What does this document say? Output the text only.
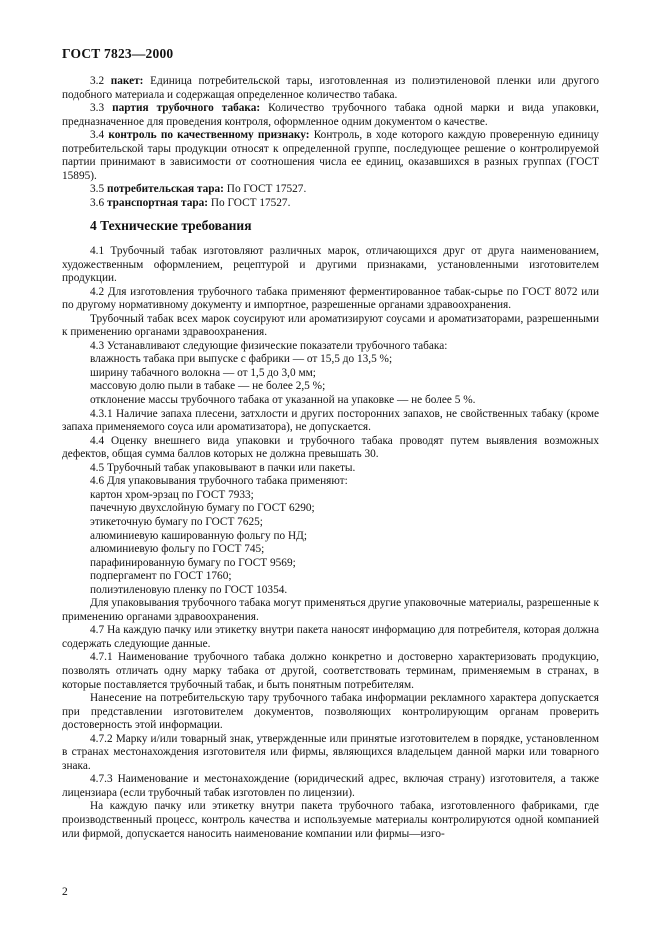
ГОСТ 7823—2000

3.2 пакет: Единица потребительской тары, изготовленная из полиэтиленовой пленки или другого подобного материала и содержащая определенное количество табака.

3.3 партия трубочного табака: Количество трубочного табака одной марки и вида упаковки, предназначенное для проведения контроля, оформленное одним документом о качестве.

3.4 контроль по качественному признаку: Контроль, в ходе которого каждую проверенную единицу потребительской тары продукции относят к определенной группе, последующее решение о контролируемой партии принимают в зависимости от соотношения числа ее единиц, оказавшихся в разных группах (ГОСТ 15895).

3.5 потребительская тара: По ГОСТ 17527.

3.6 транспортная тара: По ГОСТ 17527.

4 Технические требования

4.1 Трубочный табак изготовляют различных марок, отличающихся друг от друга наименованием, художественным оформлением, рецептурой и другими признаками, установленными изготовителем продукции.

4.2 Для изготовления трубочного табака применяют ферментированное табак-сырье по ГОСТ 8072 или по другому нормативному документу и импортное, разрешенные органами здравоохранения.

Трубочный табак всех марок соусируют или ароматизируют соусами и ароматизаторами, разрешенными к применению органами здравоохранения.

4.3 Устанавливают следующие физические показатели трубочного табака:

влажность табака при выпуске с фабрики — от 15,5 до 13,5 %;

ширину табачного волокна — от 1,5 до 3,0 мм;

массовую долю пыли в табаке — не более 2,5 %;

отклонение массы трубочного табака от указанной на упаковке — не более 5 %.

4.3.1 Наличие запаха плесени, затхлости и других посторонних запахов, не свойственных табаку (кроме запаха применяемого соуса или ароматизатора), не допускается.

4.4 Оценку внешнего вида упаковки и трубочного табака проводят путем выявления возможных дефектов, общая сумма баллов которых не должна превышать 30.

4.5 Трубочный табак упаковывают в пачки или пакеты.

4.6 Для упаковывания трубочного табака применяют:

картон хром-эрзац по ГОСТ 7933;

пачечную двухслойную бумагу по ГОСТ 6290;

этикеточную бумагу по ГОСТ 7625;

алюминиевую кашированную фольгу по НД;

алюминиевую фольгу по ГОСТ 745;

парафинированную бумагу по ГОСТ 9569;

подпергамент по ГОСТ 1760;

полиэтиленовую пленку по ГОСТ 10354.

Для упаковывания трубочного табака могут применяться другие упаковочные материалы, разрешенные к применению органами здравоохранения.

4.7 На каждую пачку или этикетку внутри пакета наносят информацию для потребителя, которая должна содержать следующие данные.

4.7.1 Наименование трубочного табака должно конкретно и достоверно характеризовать продукцию, позволять отличать одну марку табака от другой, соответствовать терминам, применяемым в странах, в которые поставляется трубочный табак, и быть понятным потребителям.

Нанесение на потребительскую тару трубочного табака информации рекламного характера допускается при представлении изготовителем документов, позволяющих контролирующим органам проверить достоверность этой информации.

4.7.2 Марку и/или товарный знак, утвержденные или принятые изготовителем в порядке, установленном в странах местонахождения изготовителя или фирмы, являющихся владельцем данной марки или товарного знака.

4.7.3 Наименование и местонахождение (юридический адрес, включая страну) изготовителя, а также лицензиара (если трубочный табак изготовлен по лицензии).

На каждую пачку или этикетку внутри пакета трубочного табака, изготовленного фабриками, где производственный процесс, контроль качества и используемые материалы контролируются одной компанией или фирмой, допускается наносить наименование компании или фирмы—изго-

2
